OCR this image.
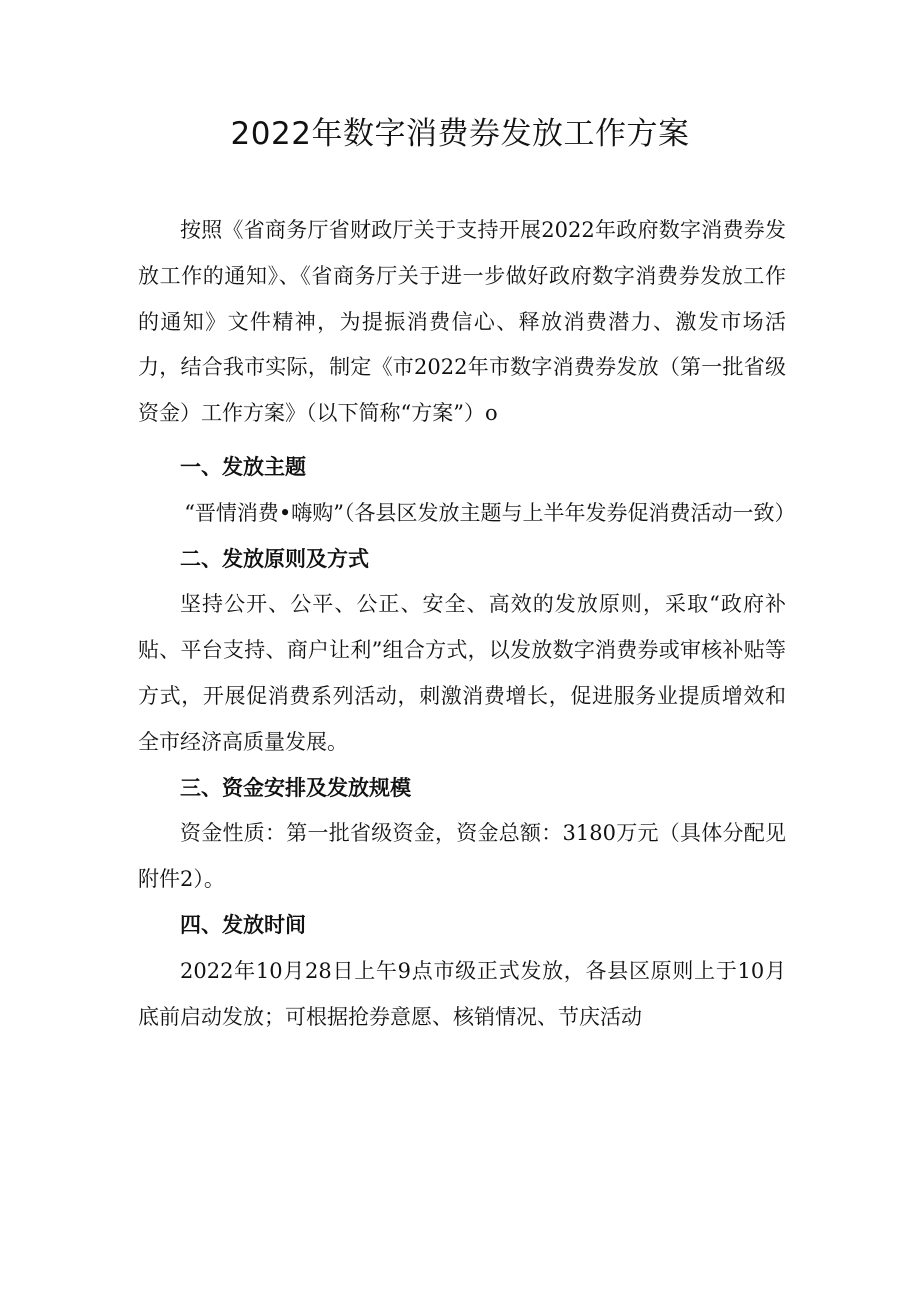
2022年数字消费券发放工作方案

按照《省商务厅省财政厅关于支持开展2022年政府数字消费券发放工作的通知》、《省商务厅关于进一步做好政府数字消费券发放工作的通知》文件精神，为提振消费信心、释放消费潜力、激发市场活力，结合我市实际，制定《市2022年市数字消费券发放（第一批省级资金）工作方案》（以下简称“方案”）o

一、发放主题

“晋情消费•嗨购”（各县区发放主题与上半年发券促消费活动一致）

二、发放原则及方式

坚持公开、公平、公正、安全、高效的发放原则，采取“政府补贴、平台支持、商户让利”组合方式，以发放数字消费券或审核补贴等方式，开展促消费系列活动，刺激消费增长，促进服务业提质增效和全市经济高质量发展。

三、资金安排及发放规模

资金性质：第一批省级资金，资金总额：3180万元（具体分配见附件2）。

四、发放时间

2022年10月28日上午9点市级正式发放，各县区原则上于10月底前启动发放；可根据抢券意愿、核销情况、节庆活动
